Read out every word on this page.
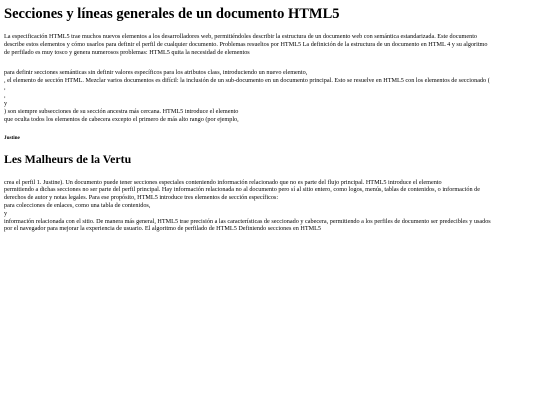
Secciones y líneas generales de un documento HTML5

La especificación HTML5 trae muchos nuevos elementos a los desarrolladores web, permitiéndoles describir la estructura de un documento web con semántica estandarizada. Este documento

describe estos elementos y cómo usarlos para definir el perfil de cualquier documento. Problemas resueltos por HTML5 La definición de la estructura de un documento en HTML 4 y su algoritmo

de perfilado es muy tosco y genera numerosos problemas: HTML5 quita la necesidad de elementos

para definir secciones semánticas sin definir valores específicos para los atributos class, introduciendo un nuevo elemento,

, el elemento de sección HTML. Mezclar varios documentos es difícil: la inclusión de un sub-documento en un documento principal. Esto se resuelve en HTML5 con los elementos de seccionado (

,

,

y

) son siempre subsecciones de su sección ancestra más cercana. HTML5 introduce el elemento

que oculta todos los elementos de cabecera excepto el primero de más alto rango (por ejemplo,

Justine

Les Malheurs de la Vertu

crea el perfil 1. Justine). Un documento puede tener secciones especiales conteniendo información relacionado que no es parte del flujo principal. HTML5 introduce el elemento

permitiendo a dichas secciones no ser parte del perfil principal. Hay información relacionada no al documento pero sí al sitio entero, como logos, menús, tablas de contenidos, o información de

derechos de autor y notas legales. Para ese propósito, HTML5 introduce tres elementos de sección específicos:

para colecciones de enlaces, como una tabla de contenidos,

y

información relacionada con el sitio. De manera más general, HTML5 trae precisión a las características de seccionado y cabecera, permitiendo a los perfiles de documento ser predecibles y usados

por el navegador para mejorar la experiencia de usuario. El algoritmo de perfilado de HTML5 Definiendo secciones en HTML5
